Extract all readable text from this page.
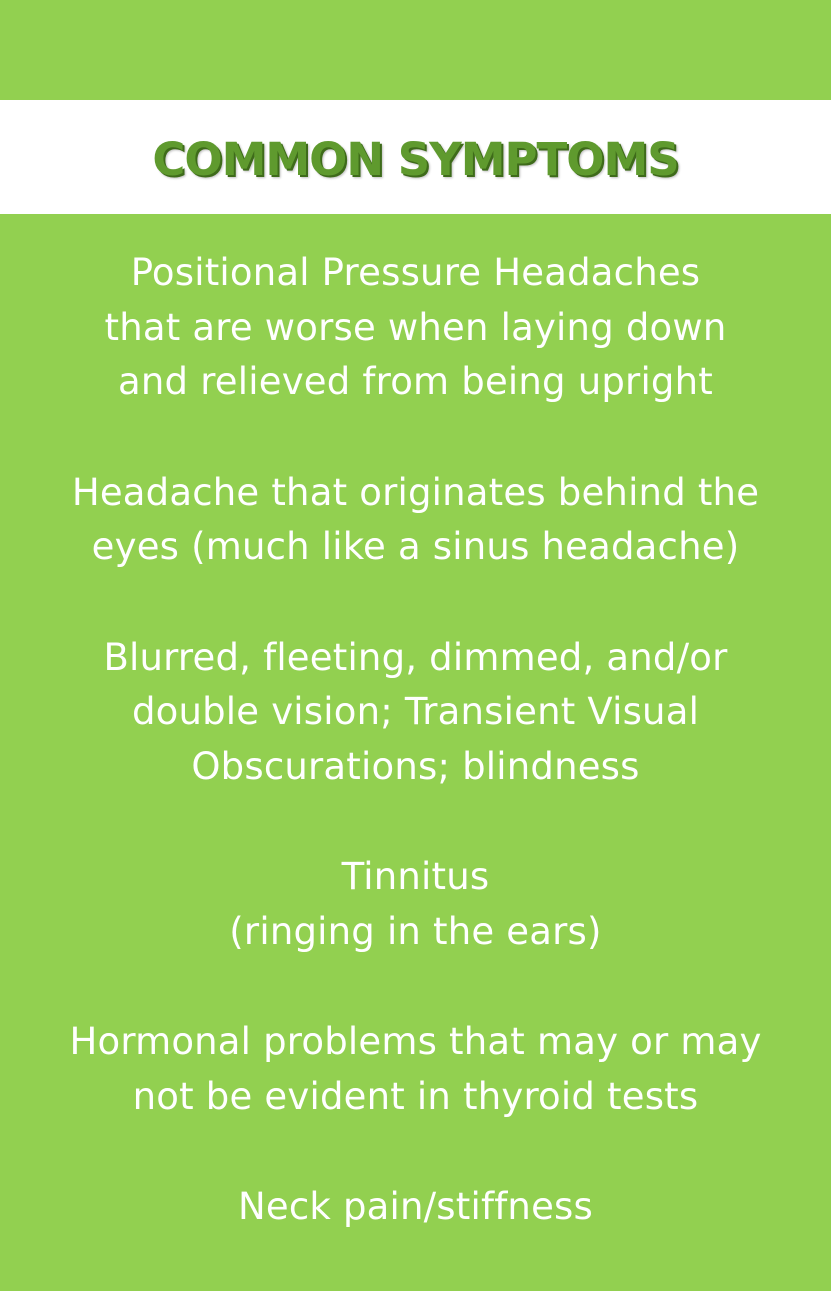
COMMON SYMPTOMS
Positional Pressure Headaches
that are worse when laying down
and relieved from being upright
Headache that originates behind the
eyes (much like a sinus headache)
Blurred, fleeting, dimmed, and/or
double vision; Transient Visual
Obscurations; blindness
Tinnitus
(ringing in the ears)
Hormonal problems that may or may
not be evident in thyroid tests
Neck pain/stiffness
